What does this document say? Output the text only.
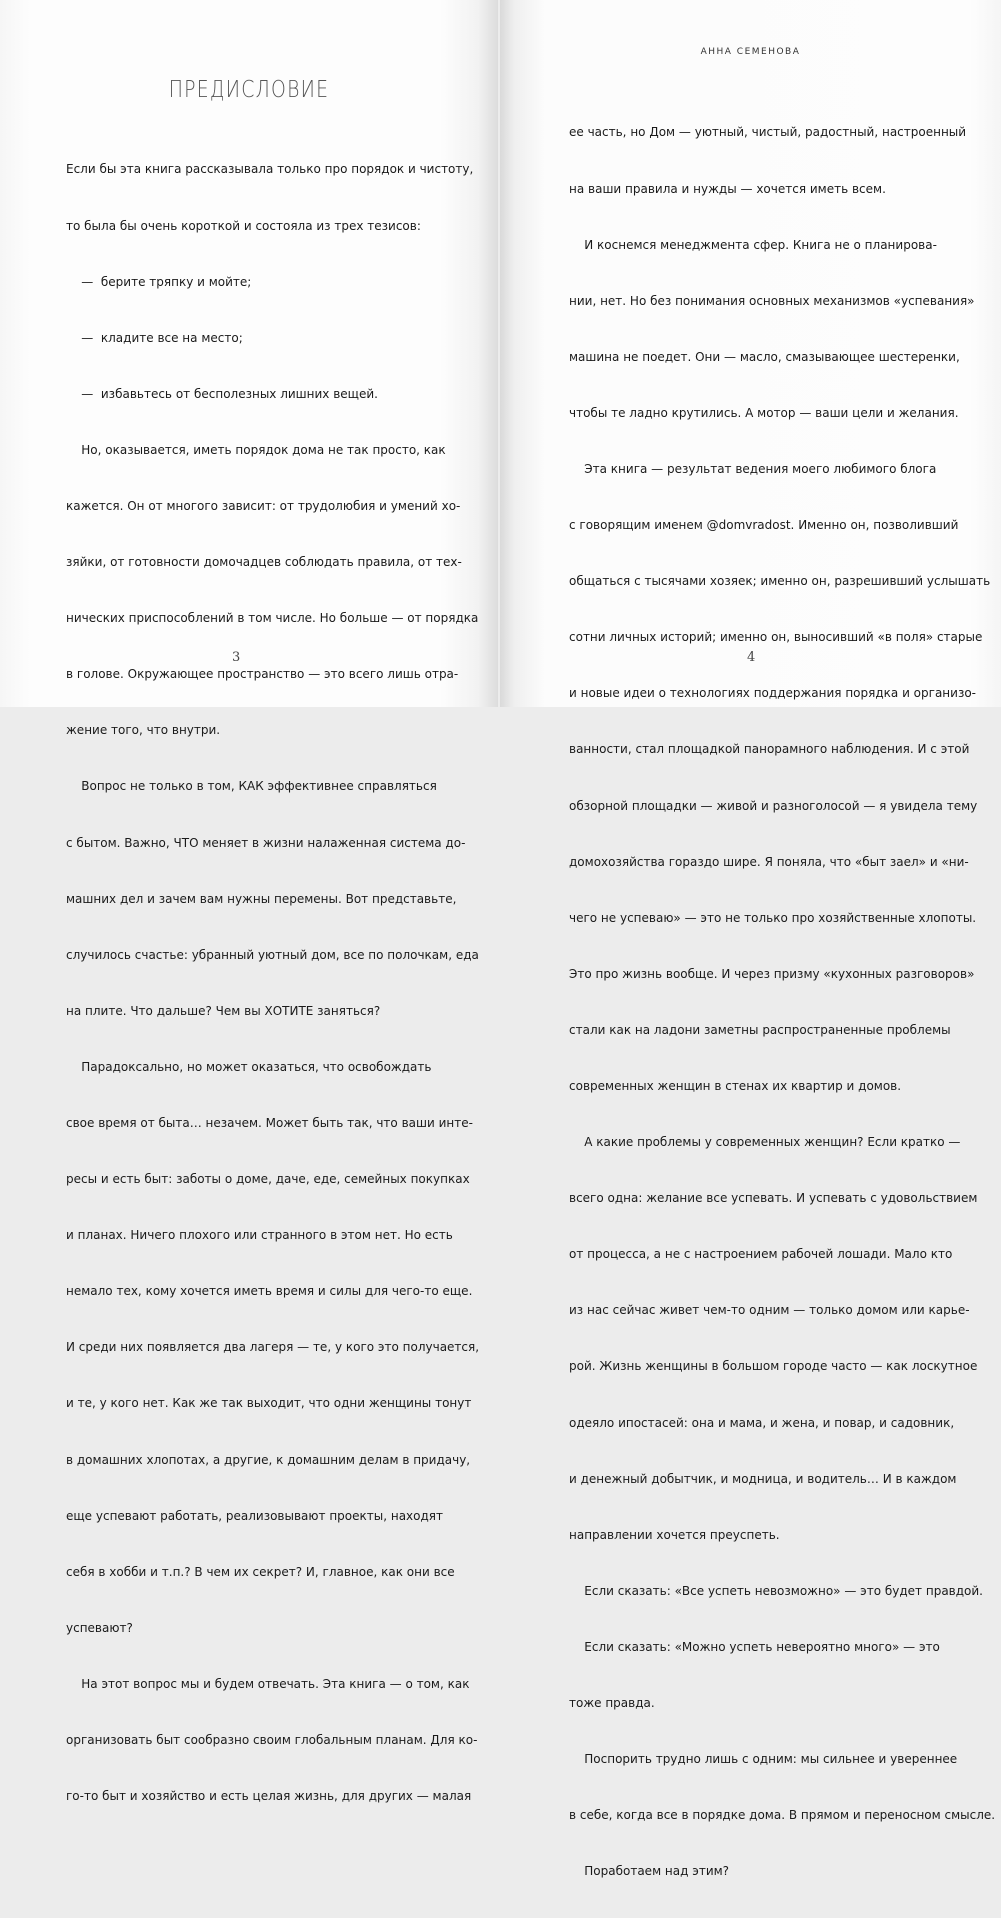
ПРЕДИСЛОВИЕ

Если бы эта книга рассказывала только про порядок и чистоту,

то была бы очень короткой и состояла из трех тезисов:

—  берите тряпку и мойте;

—  кладите все на место;

—  избавьтесь от бесполезных лишних вещей.

Но, оказывается, иметь порядок дома не так просто, как

кажется. Он от многого зависит: от трудолюбия и умений хо-

зяйки, от готовности домочадцев соблюдать правила, от тех-

нических приспособлений в том числе. Но больше — от порядка

в голове. Окружающее пространство — это всего лишь отра-

жение того, что внутри.

Вопрос не только в том, КАК эффективнее справляться

с бытом. Важно, ЧТО меняет в жизни налаженная система до-

машних дел и зачем вам нужны перемены. Вот представьте,

случилось счастье: убранный уютный дом, все по полочкам, еда

на плите. Что дальше? Чем вы ХОТИТЕ заняться?

Парадоксально, но может оказаться, что освобождать

свое время от быта… незачем. Может быть так, что ваши инте-

ресы и есть быт: заботы о доме, даче, еде, семейных покупках

и планах. Ничего плохого или странного в этом нет. Но есть

немало тех, кому хочется иметь время и силы для чего-то еще.

И среди них появляется два лагеря — те, у кого это получается,

и те, у кого нет. Как же так выходит, что одни женщины тонут

в домашних хлопотах, а другие, к домашним делам в придачу,

еще успевают работать, реализовывают проекты, находят

себя в хобби и т.п.? В чем их секрет? И, главное, как они все

успевают?

На этот вопрос мы и будем отвечать. Эта книга — о том, как

организовать быт сообразно своим глобальным планам. Для ко-

го-то быт и хозяйство и есть целая жизнь, для других — малая

3
АННА СЕМЕНОВА

ее часть, но Дом — уютный, чистый, радостный, настроенный

на ваши правила и нужды — хочется иметь всем.

И коснемся менеджмента сфер. Книга не о планирова-

нии, нет. Но без понимания основных механизмов «успевания»

машина не поедет. Они — масло, смазывающее шестеренки,

чтобы те ладно крутились. А мотор — ваши цели и желания.

Эта книга — результат ведения моего любимого блога

с говорящим именем @domvradost. Именно он, позволивший

общаться с тысячами хозяек; именно он, разрешивший услышать

сотни личных историй; именно он, выносивший «в поля» старые

и новые идеи о технологиях поддержания порядка и организо-

ванности, стал площадкой панорамного наблюдения. И с этой

обзорной площадки — живой и разноголосой — я увидела тему

домохозяйства гораздо шире. Я поняла, что «быт заел» и «ни-

чего не успеваю» — это не только про хозяйственные хлопоты.

Это про жизнь вообще. И через призму «кухонных разговоров»

стали как на ладони заметны распространенные проблемы

современных женщин в стенах их квартир и домов.

А какие проблемы у современных женщин? Если кратко —

всего одна: желание все успевать. И успевать с удовольствием

от процесса, а не с настроением рабочей лошади. Мало кто

из нас сейчас живет чем-то одним — только домом или карье-

рой. Жизнь женщины в большом городе часто — как лоскутное

одеяло ипостасей: она и мама, и жена, и повар, и садовник,

и денежный добытчик, и модница, и водитель… И в каждом

направлении хочется преуспеть.

Если сказать: «Все успеть невозможно» — это будет правдой.

Если сказать: «Можно успеть невероятно много» — это

тоже правда.

Поспорить трудно лишь с одним: мы сильнее и увереннее

в себе, когда все в порядке дома. В прямом и переносном смысле.

Поработаем над этим?

4
